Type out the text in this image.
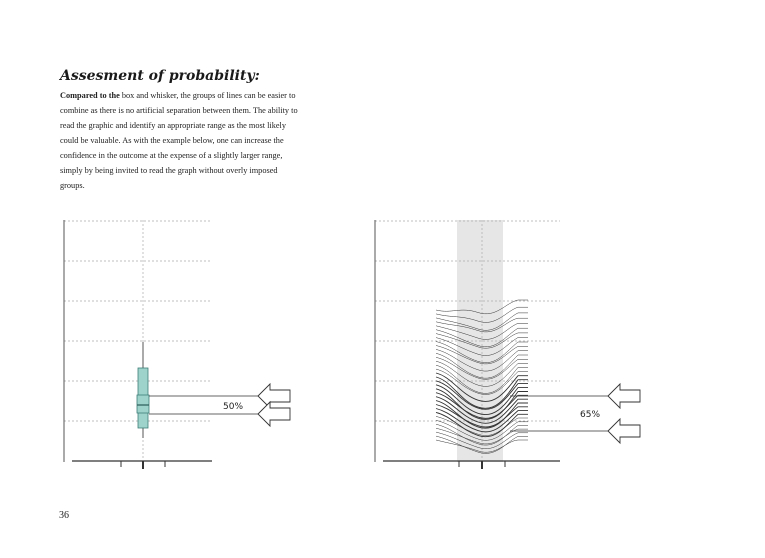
Assesment of probability:

Compared to the box and whisker, the groups of lines can be easier to combine as there is no artificial separation between them. The ability to read the graphic and identify an appropriate range as the most likely could be valuable. As with the example below, one can increase the confidence in the outcome at the expense of a slightly larger range, simply by being invited to read the graph without overly imposed groups.

50%
65%
36
